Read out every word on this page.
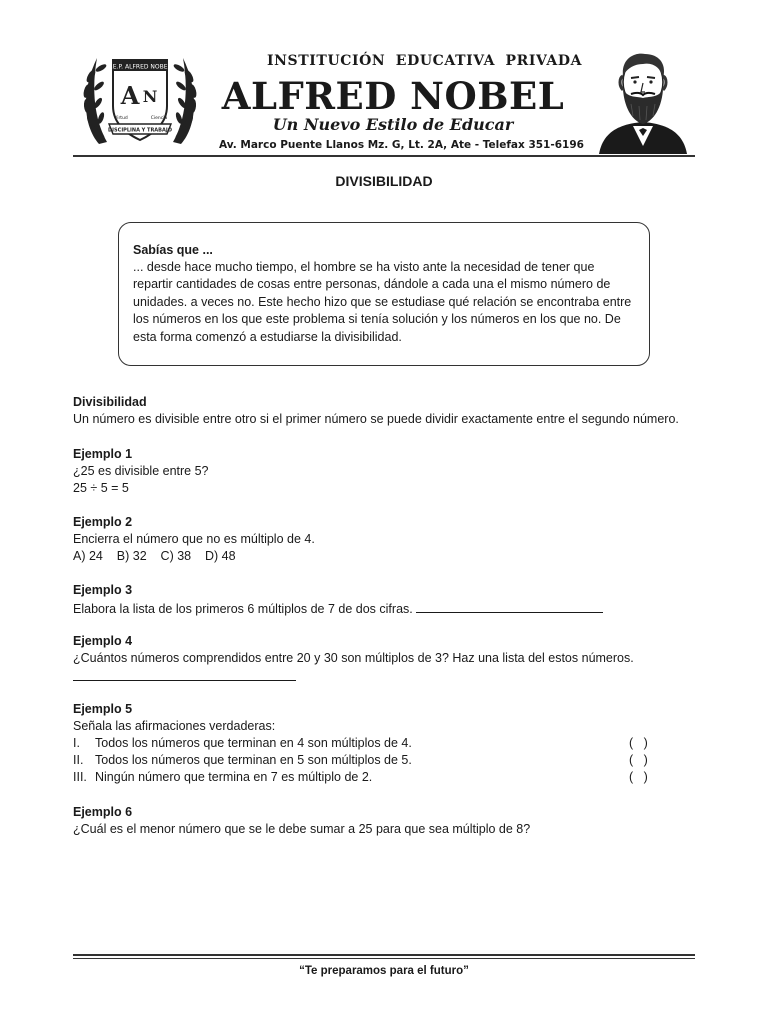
I.E.P. ALFRED NOBEL
A N
Virtud	Ciencia
DISCIPLINA Y TRABAJO
INSTITUCIÓN EDUCATIVA PRIVADA
ALFRED NOBEL
Un Nuevo Estilo de Educar
Av. Marco Puente Llanos Mz. G, Lt. 2A, Ate - Telefax 351-6196
DIVISIBILIDAD
Sabías que ...
... desde hace mucho tiempo, el hombre se ha visto ante la necesidad de tener que repartir cantidades de cosas entre personas, dándole a cada una el mismo número de unidades. a veces no. Este hecho hizo que se estudiase qué relación se encontraba entre los números en los que este problema si tenía solución y los números en los que no. De esta forma comenzó a estudiarse la divisibilidad.
Divisibilidad

Un número es divisible entre otro si el primer número se puede dividir exactamente entre el segundo número.

Ejemplo 1

¿25 es divisible entre 5?

25 ÷ 5 = 5

Ejemplo 2

Encierra el número que no es múltiplo de 4.

A) 24    B) 32    C) 38    D) 48

Ejemplo 3

Elabora la lista de los primeros 6 múltiplos de 7 de dos cifras.

Ejemplo 4

¿Cuántos números comprendidos entre 20 y 30 son múltiplos de 3? Haz una lista del estos números.

Ejemplo 5

Señala las afirmaciones verdaderas:

I.	Todos los números que terminan en 4 son múltiplos de 4.	(   )
II. Todos los números que terminan en 5 son múltiplos de 5.	(   )
III. Ningún número que termina en 7 es múltiplo de 2.	(   )
Ejemplo 6

¿Cuál es el menor número que se le debe sumar a 25 para que sea múltiplo de 8?

“Te preparamos para el futuro”
